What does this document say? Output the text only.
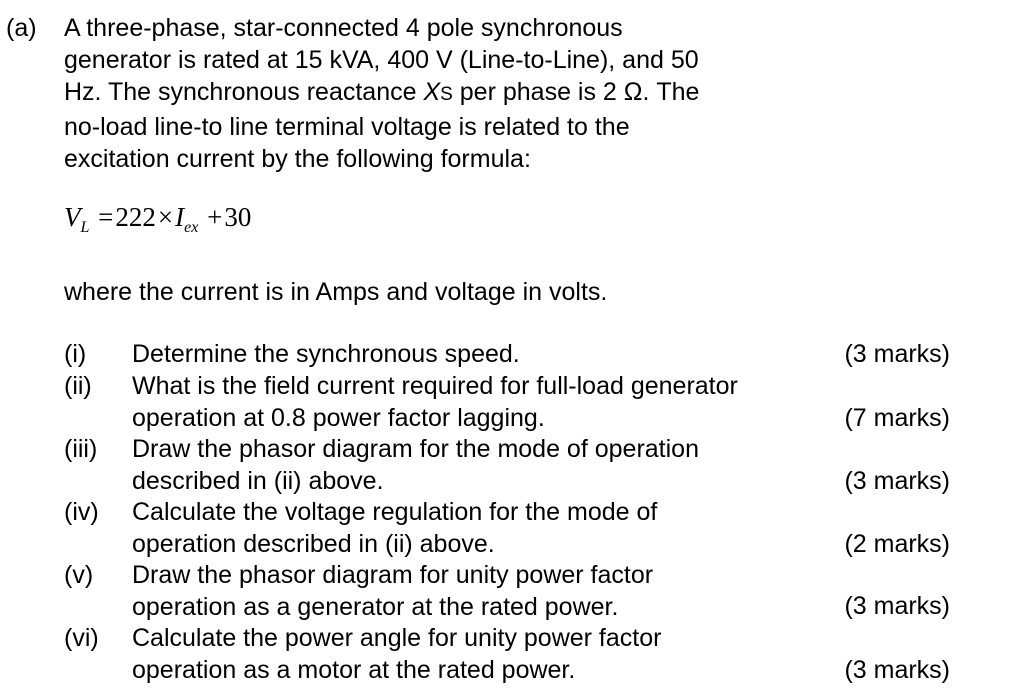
(a) A three-phase, star-connected 4 pole synchronous
generator is rated at 15 kVA, 400 V (Line-to-Line), and 50
Hz. The synchronous reactance XS per phase is 2 Ω. The
no-load line-to line terminal voltage is related to the
excitation current by the following formula:
$V_L =222\times I_{ex} +30$
where the current is in Amps and voltage in volts.
(i) Determine the synchronous speed.	(3 marks)
(ii) What is the field current required for full-load generator
operation at 0.8 power factor lagging.	(7 marks)
(iii) Draw the phasor diagram for the mode of operation
described in (ii) above.	(3 marks)
(iv) Calculate the voltage regulation for the mode of
operation described in (ii) above.	(2 marks)
(v) Draw the phasor diagram for unity power factor
operation as a generator at the rated power.	(3 marks)
(vi) Calculate the power angle for unity power factor
operation as a motor at the rated power.	(3 marks)
